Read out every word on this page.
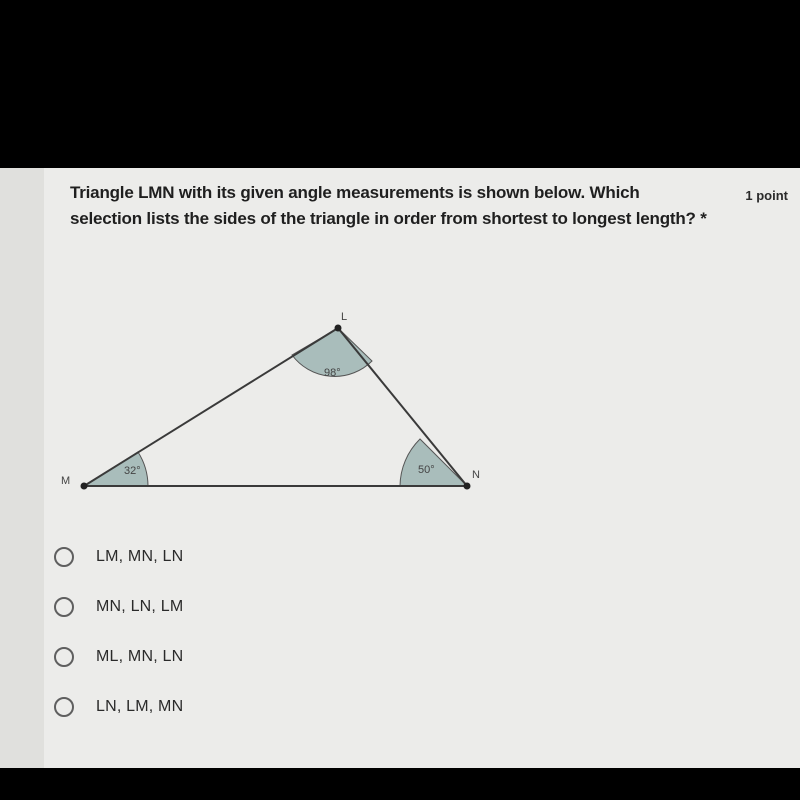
Triangle LMN with its given angle measurements is shown below. Which selection lists the sides of the triangle in order from shortest to longest length? *
1 point
L
M	N
98°
32°	50°
LM, MN, LN
MN, LN, LM
ML, MN, LN
LN, LM, MN
